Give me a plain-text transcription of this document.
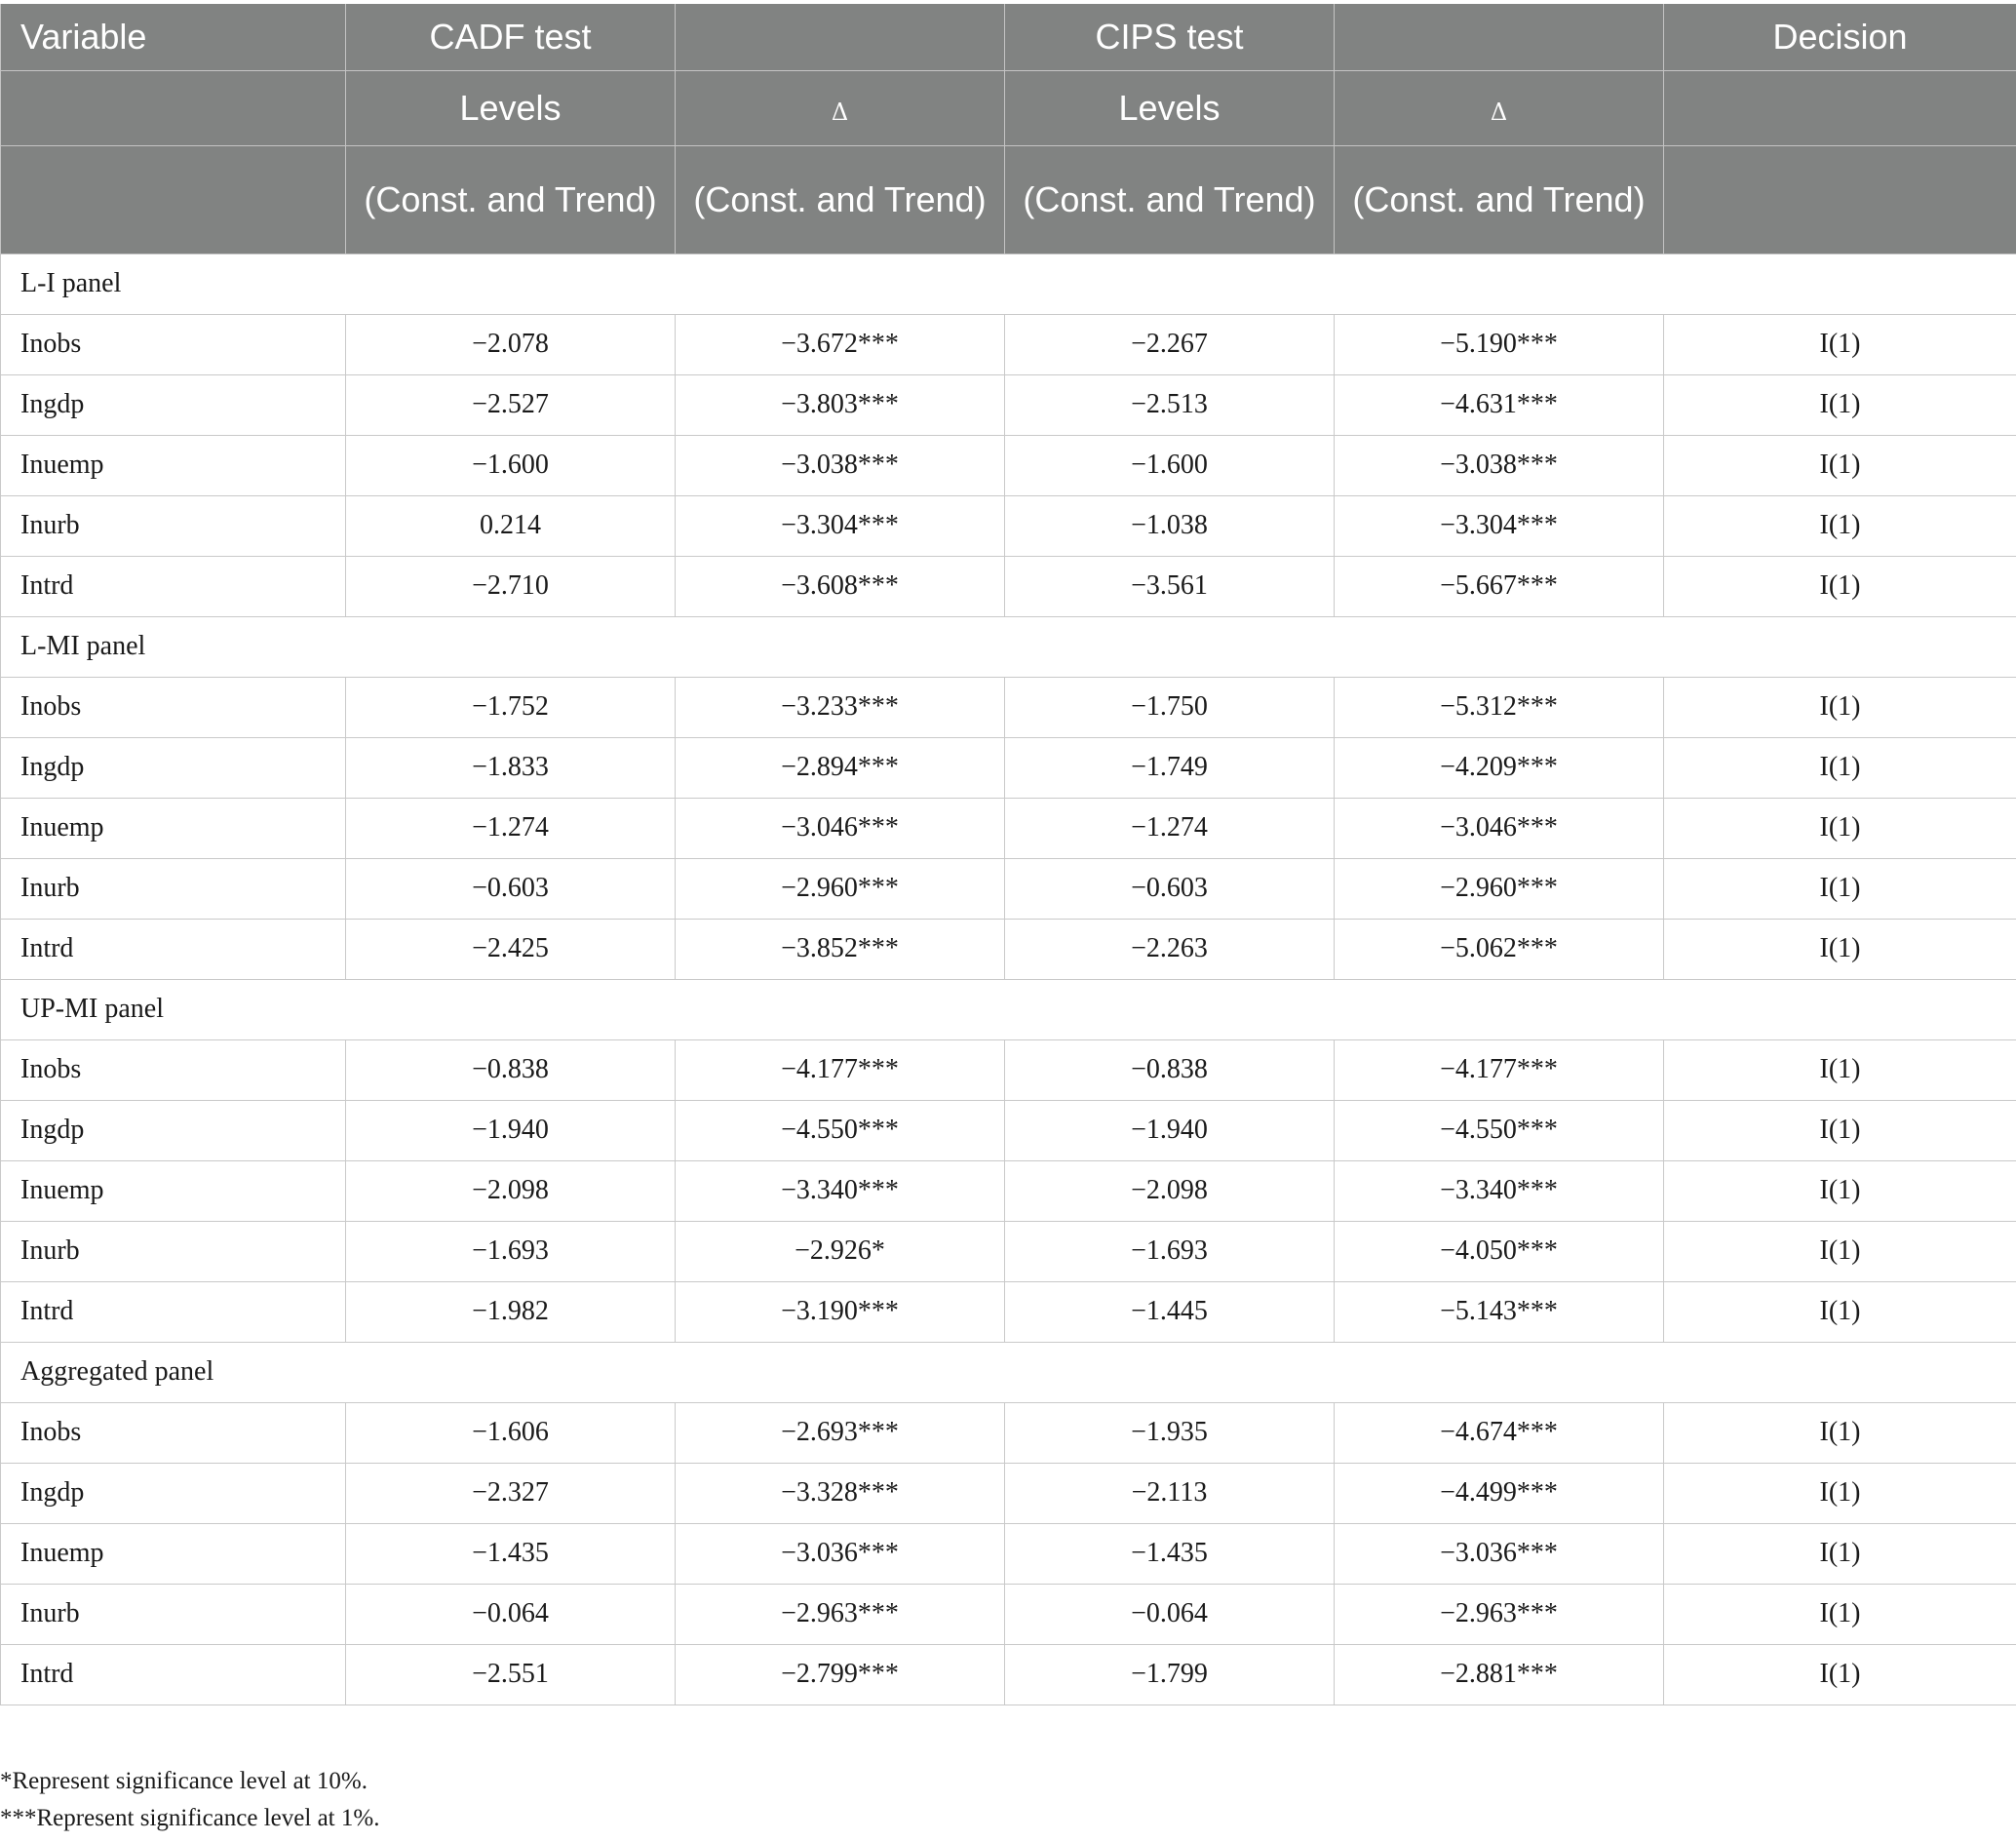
Variable	CADF test		CIPS test		Decision
	Levels	Δ	Levels	Δ	
	(Const. and Trend)	(Const. and Trend)	(Const. and Trend)	(Const. and Trend)	
L-I panel					
Inobs	−2.078	−3.672***	−2.267	−5.190***	I(1)
Ingdp	−2.527	−3.803***	−2.513	−4.631***	I(1)
Inuemp	−1.600	−3.038***	−1.600	−3.038***	I(1)
Inurb	0.214	−3.304***	−1.038	−3.304***	I(1)
Intrd	−2.710	−3.608***	−3.561	−5.667***	I(1)
L-MI panel					
Inobs	−1.752	−3.233***	−1.750	−5.312***	I(1)
Ingdp	−1.833	−2.894***	−1.749	−4.209***	I(1)
Inuemp	−1.274	−3.046***	−1.274	−3.046***	I(1)
Inurb	−0.603	−2.960***	−0.603	−2.960***	I(1)
Intrd	−2.425	−3.852***	−2.263	−5.062***	I(1)
UP-MI panel					
Inobs	−0.838	−4.177***	−0.838	−4.177***	I(1)
Ingdp	−1.940	−4.550***	−1.940	−4.550***	I(1)
Inuemp	−2.098	−3.340***	−2.098	−3.340***	I(1)
Inurb	−1.693	−2.926*	−1.693	−4.050***	I(1)
Intrd	−1.982	−3.190***	−1.445	−5.143***	I(1)
Aggregated panel					
Inobs	−1.606	−2.693***	−1.935	−4.674***	I(1)
Ingdp	−2.327	−3.328***	−2.113	−4.499***	I(1)
Inuemp	−1.435	−3.036***	−1.435	−3.036***	I(1)
Inurb	−0.064	−2.963***	−0.064	−2.963***	I(1)
Intrd	−2.551	−2.799***	−1.799	−2.881***	I(1)
*Represent significance level at 10%.
***Represent significance level at 1%.
